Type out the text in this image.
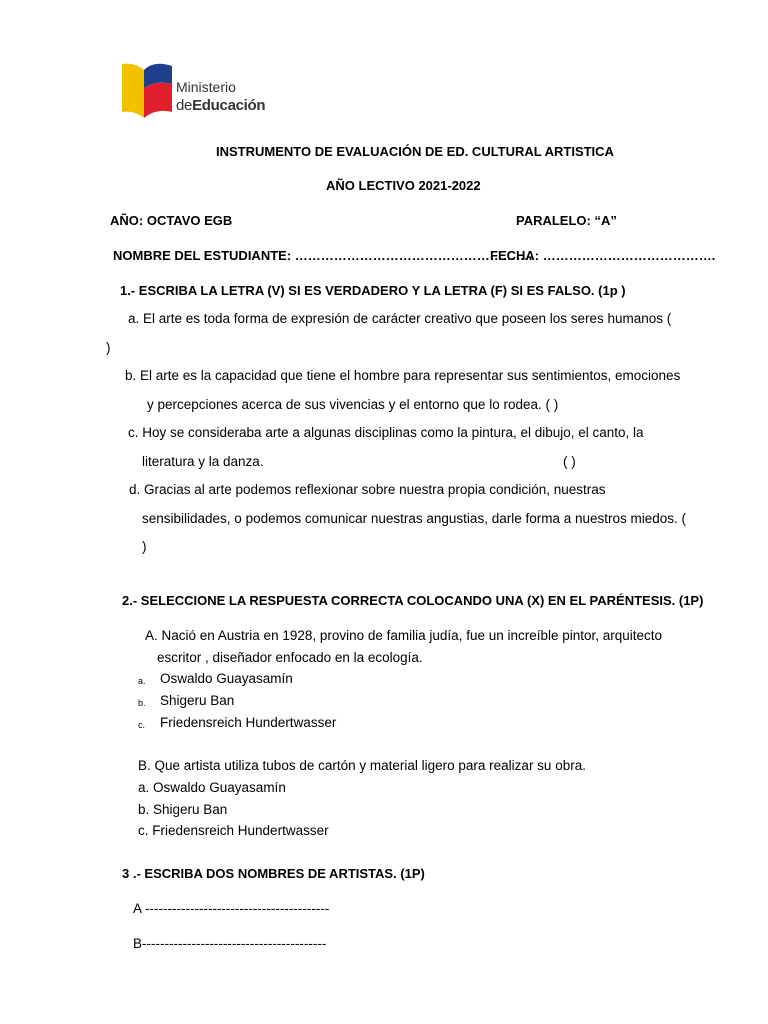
Ministerio
deEducación
INSTRUMENTO DE EVALUACIÓN DE ED. CULTURAL ARTISTICA
AÑO LECTIVO 2021-2022
AÑO: OCTAVO EGB	PARALELO: “A”
NOMBRE DEL ESTUDIANTE: ……………………………………………….
FECHA: ………………………………….
1.- ESCRIBA LA LETRA (V) SI ES VERDADERO Y LA LETRA (F) SI ES FALSO. (1p )
a. El arte es toda forma de expresión de carácter creativo que poseen los seres humanos (
)
b. El arte es la capacidad que tiene el hombre para representar sus sentimientos, emociones
y percepciones acerca de sus vivencias y el entorno que lo rodea. ( )
c. Hoy se consideraba arte a algunas disciplinas como la pintura, el dibujo, el canto, la
literatura y la danza.	( )
d. Gracias al arte podemos reflexionar sobre nuestra propia condición, nuestras
sensibilidades, o podemos comunicar nuestras angustias, darle forma a nuestros miedos. (
)
2.- SELECCIONE LA RESPUESTA CORRECTA COLOCANDO UNA (X) EN EL PARÉNTESIS. (1P)
A. Nació en Austria en 1928, provino de familia judía, fue un increíble pintor, arquitecto
escritor , diseñador enfocado en la ecología.
a. Oswaldo Guayasamín
b. Shigeru Ban
c. Friedensreich Hundertwasser
B. Que artista utiliza tubos de cartón y material ligero para realizar su obra.
a. Oswaldo Guayasamín
b. Shigeru Ban
c. Friedensreich Hundertwasser
3 .- ESCRIBA DOS NOMBRES DE ARTISTAS. (1P)
A -----------------------------------------
B-----------------------------------------
